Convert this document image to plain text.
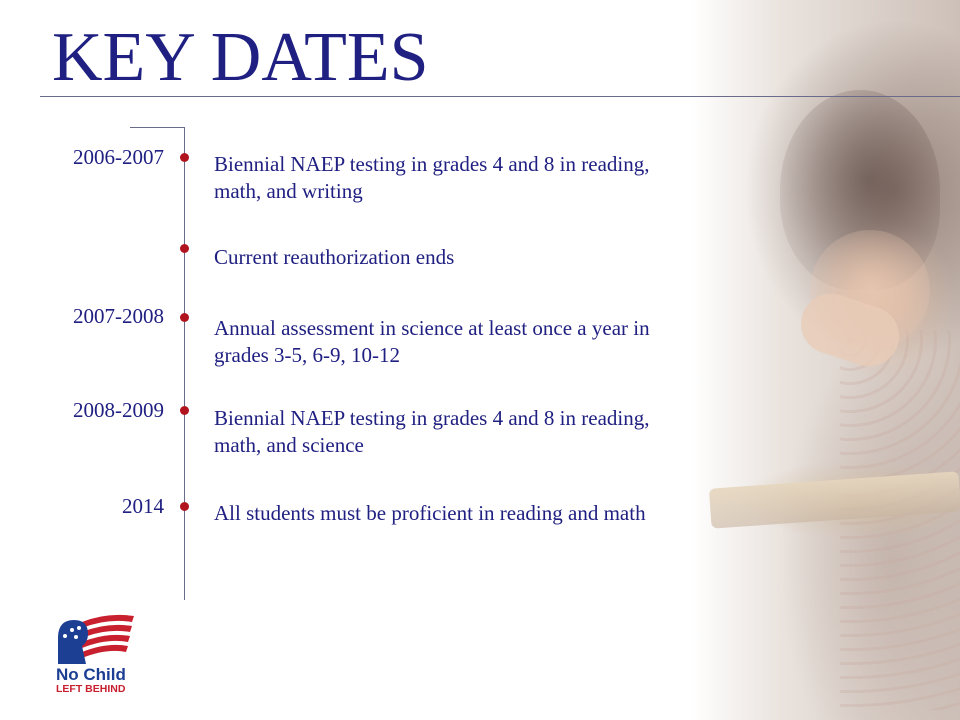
KEY DATES
2006-2007 Biennial NAEP testing in grades 4 and 8 in reading, math, and writing
Current reauthorization ends
2007-2008 Annual assessment in science at least once a year in grades 3-5, 6-9, 10-12
2008-2009 Biennial NAEP testing in grades 4 and 8 in reading, math, and science
2014 All students must be proficient in reading and math
No Child
LEFT BEHIND
